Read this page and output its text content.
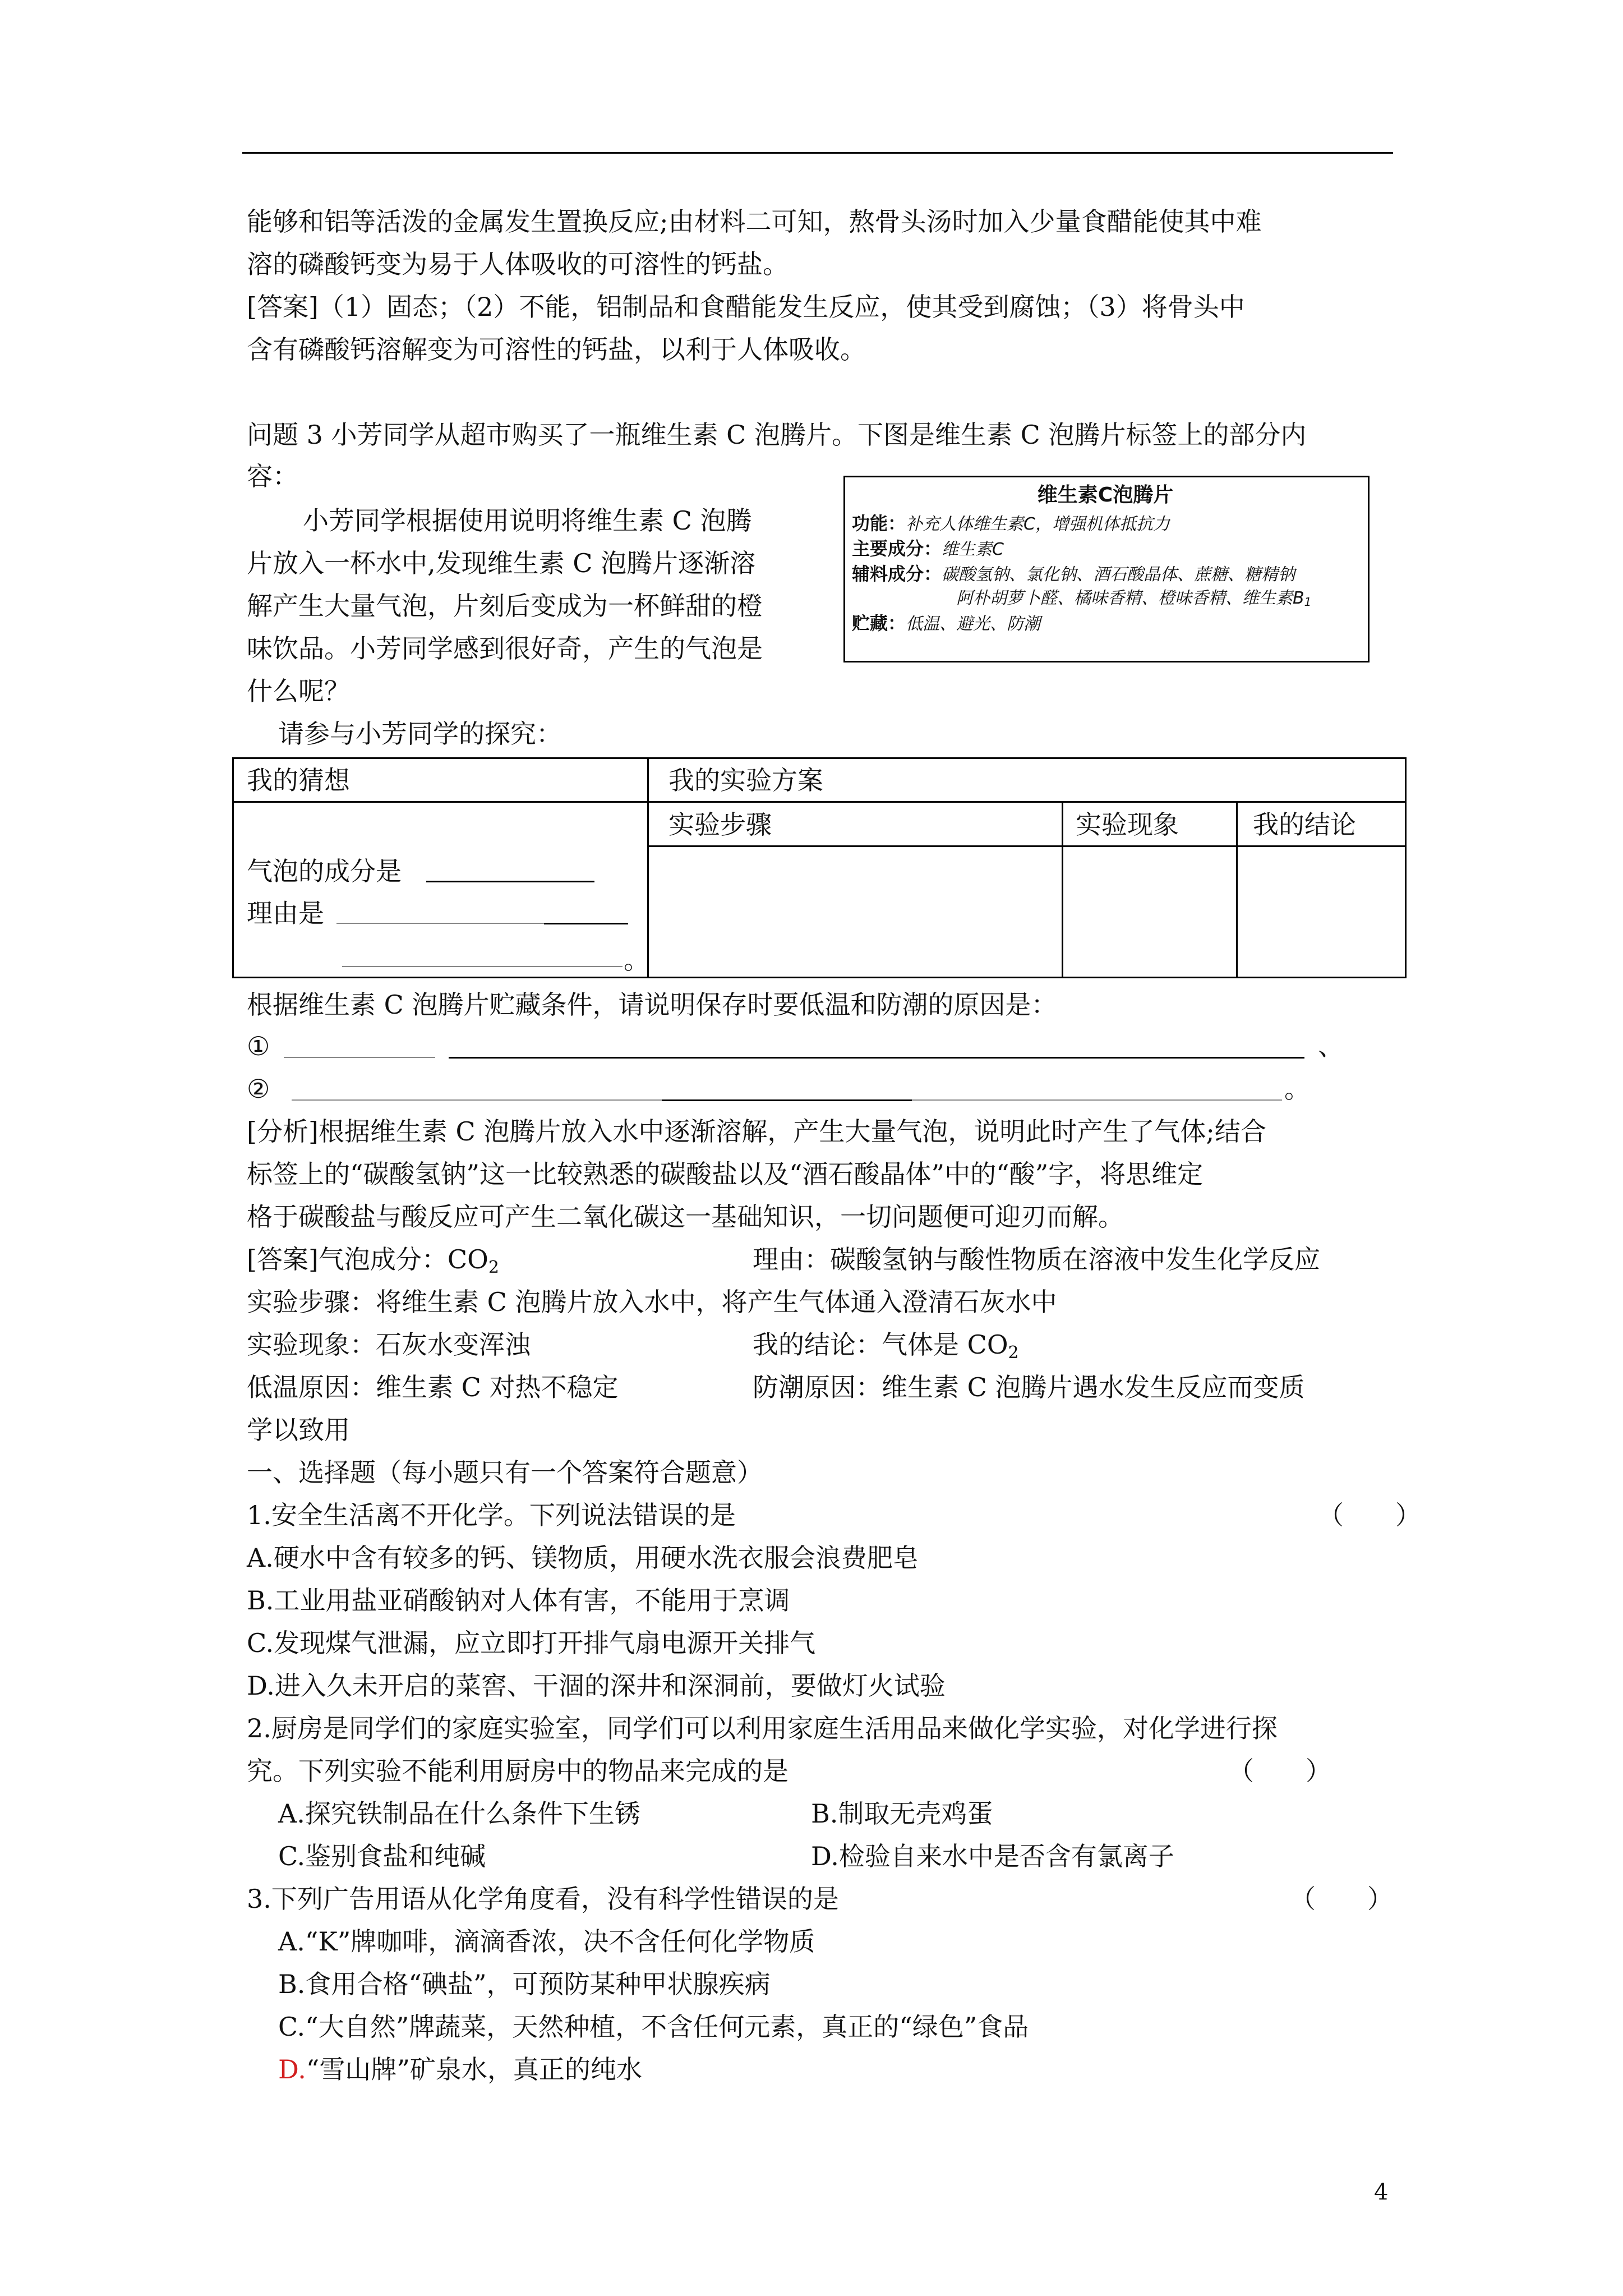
能够和铝等活泼的金属发生置换反应;由材料二可知，熬骨头汤时加入少量食醋能使其中难
溶的磷酸钙变为易于人体吸收的可溶性的钙盐。
[答案]（1）固态；（2）不能，铝制品和食醋能发生反应，使其受到腐蚀；（3）将骨头中
含有磷酸钙溶解变为可溶性的钙盐，以利于人体吸收。
问题 3 小芳同学从超市购买了一瓶维生素 C 泡腾片。下图是维生素 C 泡腾片标签上的部分内
容：
小芳同学根据使用说明将维生素 C 泡腾
片放入一杯水中,发现维生素 C 泡腾片逐渐溶
解产生大量气泡，片刻后变成为一杯鲜甜的橙
味饮品。小芳同学感到很好奇，产生的气泡是
什么呢？
维生素C泡腾片
功能：补充人体维生素C，增强机体抵抗力
主要成分：维生素C
辅料成分：碳酸氢钠、氯化钠、酒石酸晶体、蔗糖、糖精钠
阿朴胡萝卜醛、橘味香精、橙味香精、维生素$B_1$
贮藏：低温、避光、防潮
请参与小芳同学的探究：
我的猜想	我的实验方案
实验步骤	实验现象	我的结论
气泡的成分是
理由是
。
根据维生素 C 泡腾片贮藏条件，请说明保存时要低温和防潮的原因是：
①	、
②	。
[分析]根据维生素 C 泡腾片放入水中逐渐溶解，产生大量气泡，说明此时产生了气体;结合
标签上的“碳酸氢钠”这一比较熟悉的碳酸盐以及“酒石酸晶体”中的“酸”字，将思维定
格于碳酸盐与酸反应可产生二氧化碳这一基础知识，一切问题便可迎刃而解。
[答案]气泡成分：$CO_2$	理由：碳酸氢钠与酸性物质在溶液中发生化学反应
实验步骤：将维生素 C 泡腾片放入水中，将产生气体通入澄清石灰水中
实验现象：石灰水变浑浊	我的结论：气体是 $CO_2$
低温原因：维生素 C 对热不稳定	防潮原因：维生素 C 泡腾片遇水发生反应而变质
学以致用
一、选择题（每小题只有一个答案符合题意）
1.安全生活离不开化学。下列说法错误的是	（　　）
A.硬水中含有较多的钙、镁物质，用硬水洗衣服会浪费肥皂
B.工业用盐亚硝酸钠对人体有害，不能用于烹调
C.发现煤气泄漏，应立即打开排气扇电源开关排气
D.进入久未开启的菜窖、干涸的深井和深洞前，要做灯火试验
2.厨房是同学们的家庭实验室，同学们可以利用家庭生活用品来做化学实验，对化学进行探
究。下列实验不能利用厨房中的物品来完成的是	（　　）
A.探究铁制品在什么条件下生锈	B.制取无壳鸡蛋
C.鉴别食盐和纯碱	D.检验自来水中是否含有氯离子
3.下列广告用语从化学角度看，没有科学性错误的是	（　　）
A.“K”牌咖啡，滴滴香浓，决不含任何化学物质
B.食用合格“碘盐”，可预防某种甲状腺疾病
C.“大自然”牌蔬菜，天然种植，不含任何元素，真正的“绿色”食品
D.“雪山牌”矿泉水，真正的纯水
4
